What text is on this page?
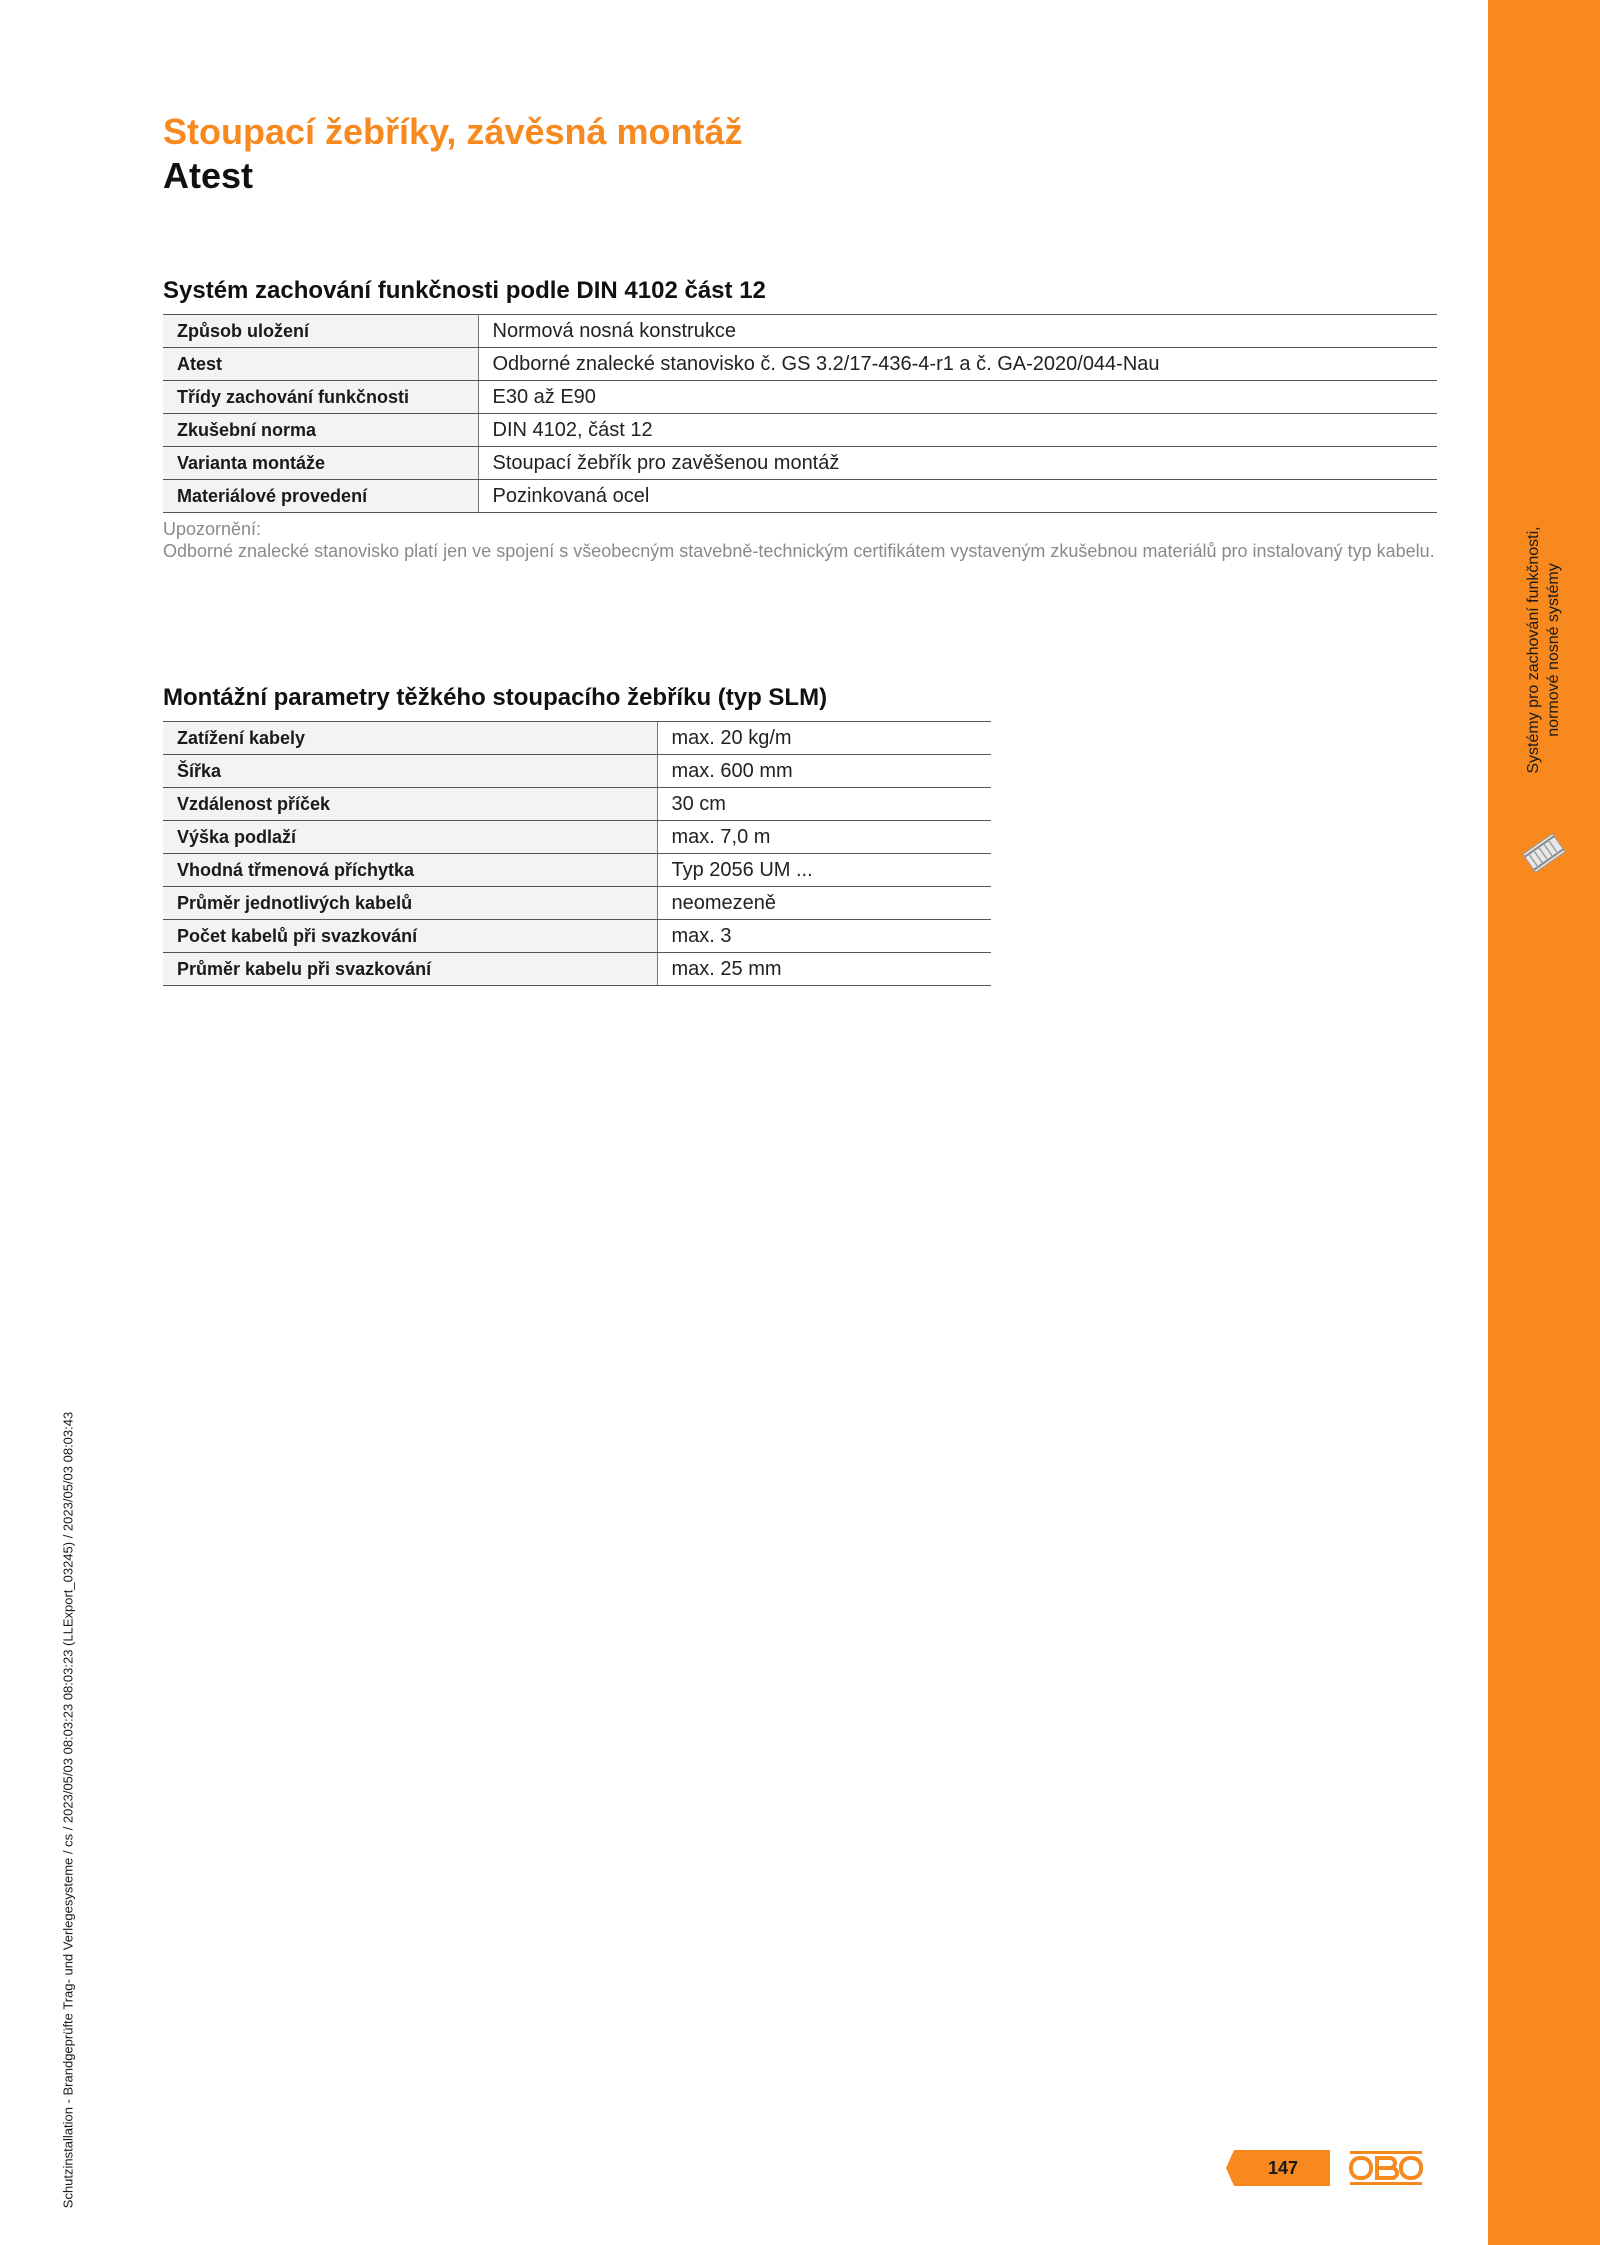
Systémy pro zachování funkčnosti, normové nosné systémy
Schutzinstallation - Brandgeprüfte Trag- und Verlegesysteme / cs / 2023/05/03 08:03:23 08:03:23 (LLExport_03245) / 2023/05/03 08:03:43
Stoupací žebříky, závěsná montáž
Atest
Systém zachování funkčnosti podle DIN 4102 část 12
Způsob uložení	Normová nosná konstrukce
Atest	Odborné znalecké stanovisko č. GS 3.2/17-436-4-r1 a č. GA-2020/044-Nau
Třídy zachování funkčnosti	E30 až E90
Zkušební norma	DIN 4102, část 12
Varianta montáže	Stoupací žebřík pro zavěšenou montáž
Materiálové provedení	Pozinkovaná ocel
Upozornění:
Odborné znalecké stanovisko platí jen ve spojení s všeobecným stavebně-technickým certifikátem vystaveným zkušebnou materiálů pro instalovaný typ kabelu.
Montážní parametry těžkého stoupacího žebříku (typ SLM)
Zatížení kabely	max. 20 kg/m
Šířka	max. 600 mm
Vzdálenost příček	30 cm
Výška podlaží	max. 7,0 m
Vhodná třmenová příchytka	Typ 2056 UM ...
Průměr jednotlivých kabelů	neomezeně
Počet kabelů při svazkování	max. 3
Průměr kabelu při svazkování	max. 25 mm
147
